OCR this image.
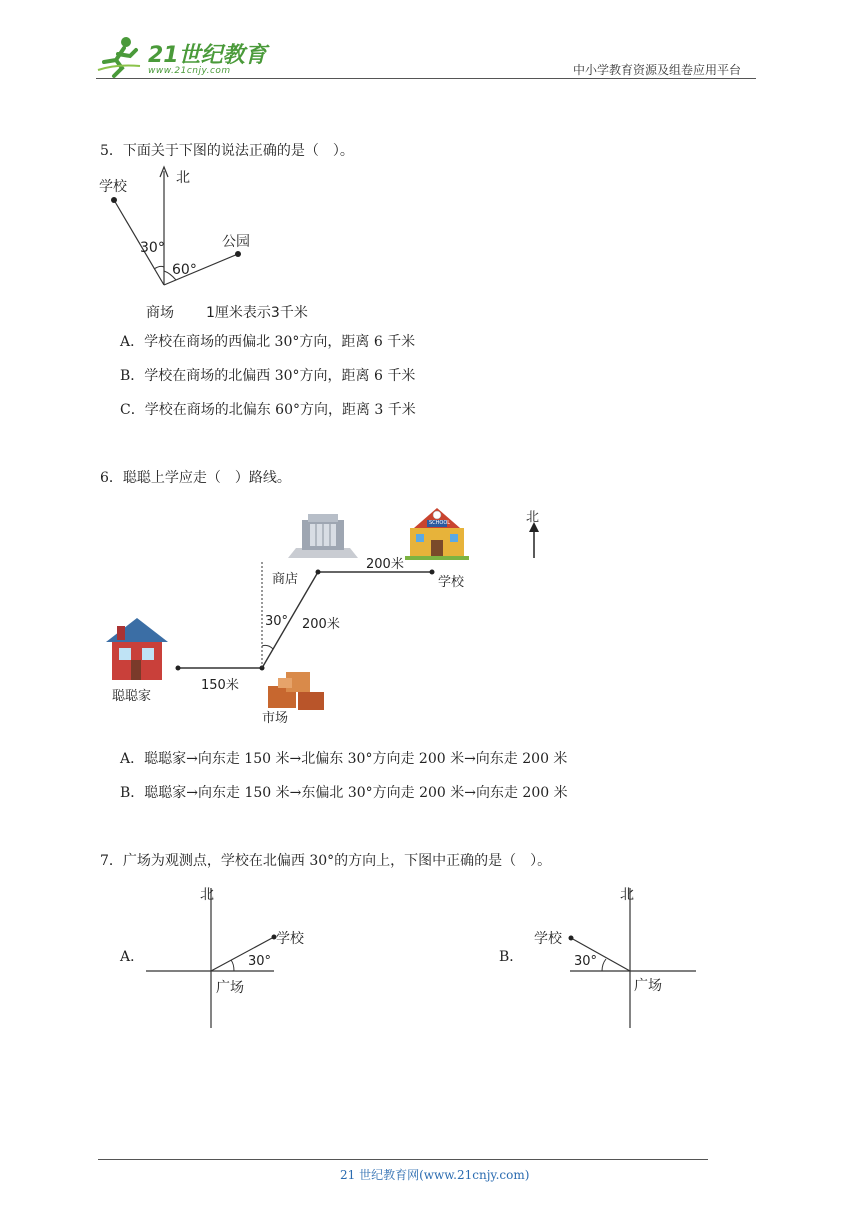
21世纪教育
www.21cnjy.com	中小学教育资源及组卷应用平台
5．下面关于下图的说法正确的是（　）。
北
学校
公园
30°
60°
商场 1厘米表示3千米
A．学校在商场的西偏北 30°方向，距离 6 千米
B．学校在商场的北偏西 30°方向，距离 6 千米
C．学校在商场的北偏东 60°方向，距离 3 千米
6．聪聪上学应走（　）路线。
SCHOOL	北
商店
200米
学校
30° 200米
聪聪家
150米
市场
A．聪聪家→向东走 150 米→北偏东 30°方向走 200 米→向东走 200 米
B．聪聪家→向东走 150 米→东偏北 30°方向走 200 米→向东走 200 米
7．广场为观测点，学校在北偏西 30°的方向上，下图中正确的是（　）。
A．
北
学校
30°
广场
B．
北
学校
30°
广场
21 世纪教育网(www.21cnjy.com)
